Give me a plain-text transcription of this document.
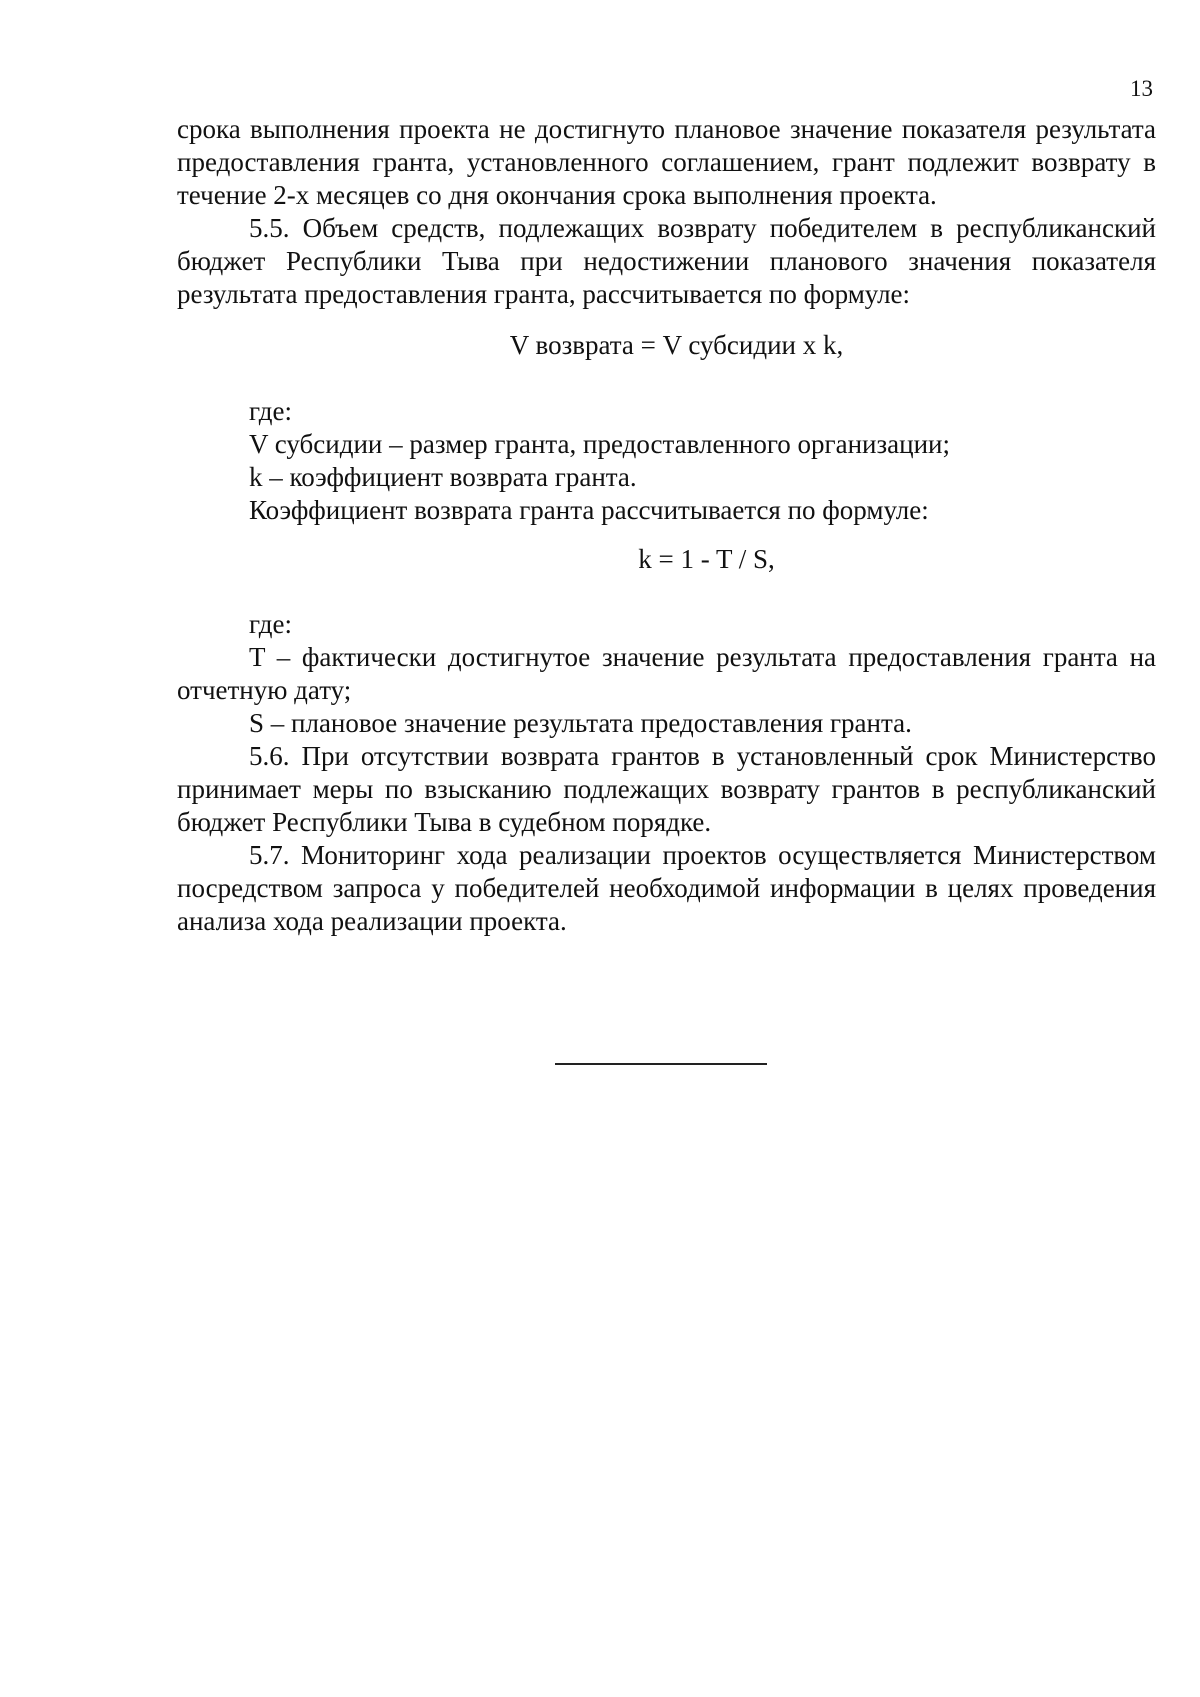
13

срока выполнения проекта не достигнуто плановое значение показателя результата предоставления гранта, установленного соглашением, грант подлежит возврату в течение 2-х месяцев со дня окончания срока выполнения проекта.

5.5. Объем средств, подлежащих возврату победителем в республиканский бюджет Республики Тыва при недостижении планового значения показателя результата предоставления гранта, рассчитывается по формуле:

V возврата = V субсидии x k,

где:

V субсидии – размер гранта, предоставленного организации;

k – коэффициент возврата гранта.

Коэффициент возврата гранта рассчитывается по формуле:

k = 1 - T / S,

где:

T – фактически достигнутое значение результата предоставления гранта на отчетную дату;

S – плановое значение результата предоставления гранта.

5.6. При отсутствии возврата грантов в установленный срок Министерство принимает меры по взысканию подлежащих возврату грантов в республиканский бюджет Республики Тыва в судебном порядке.

5.7. Мониторинг хода реализации проектов осуществляется Министерством посредством запроса у победителей необходимой информации в целях проведения анализа хода реализации проекта.
